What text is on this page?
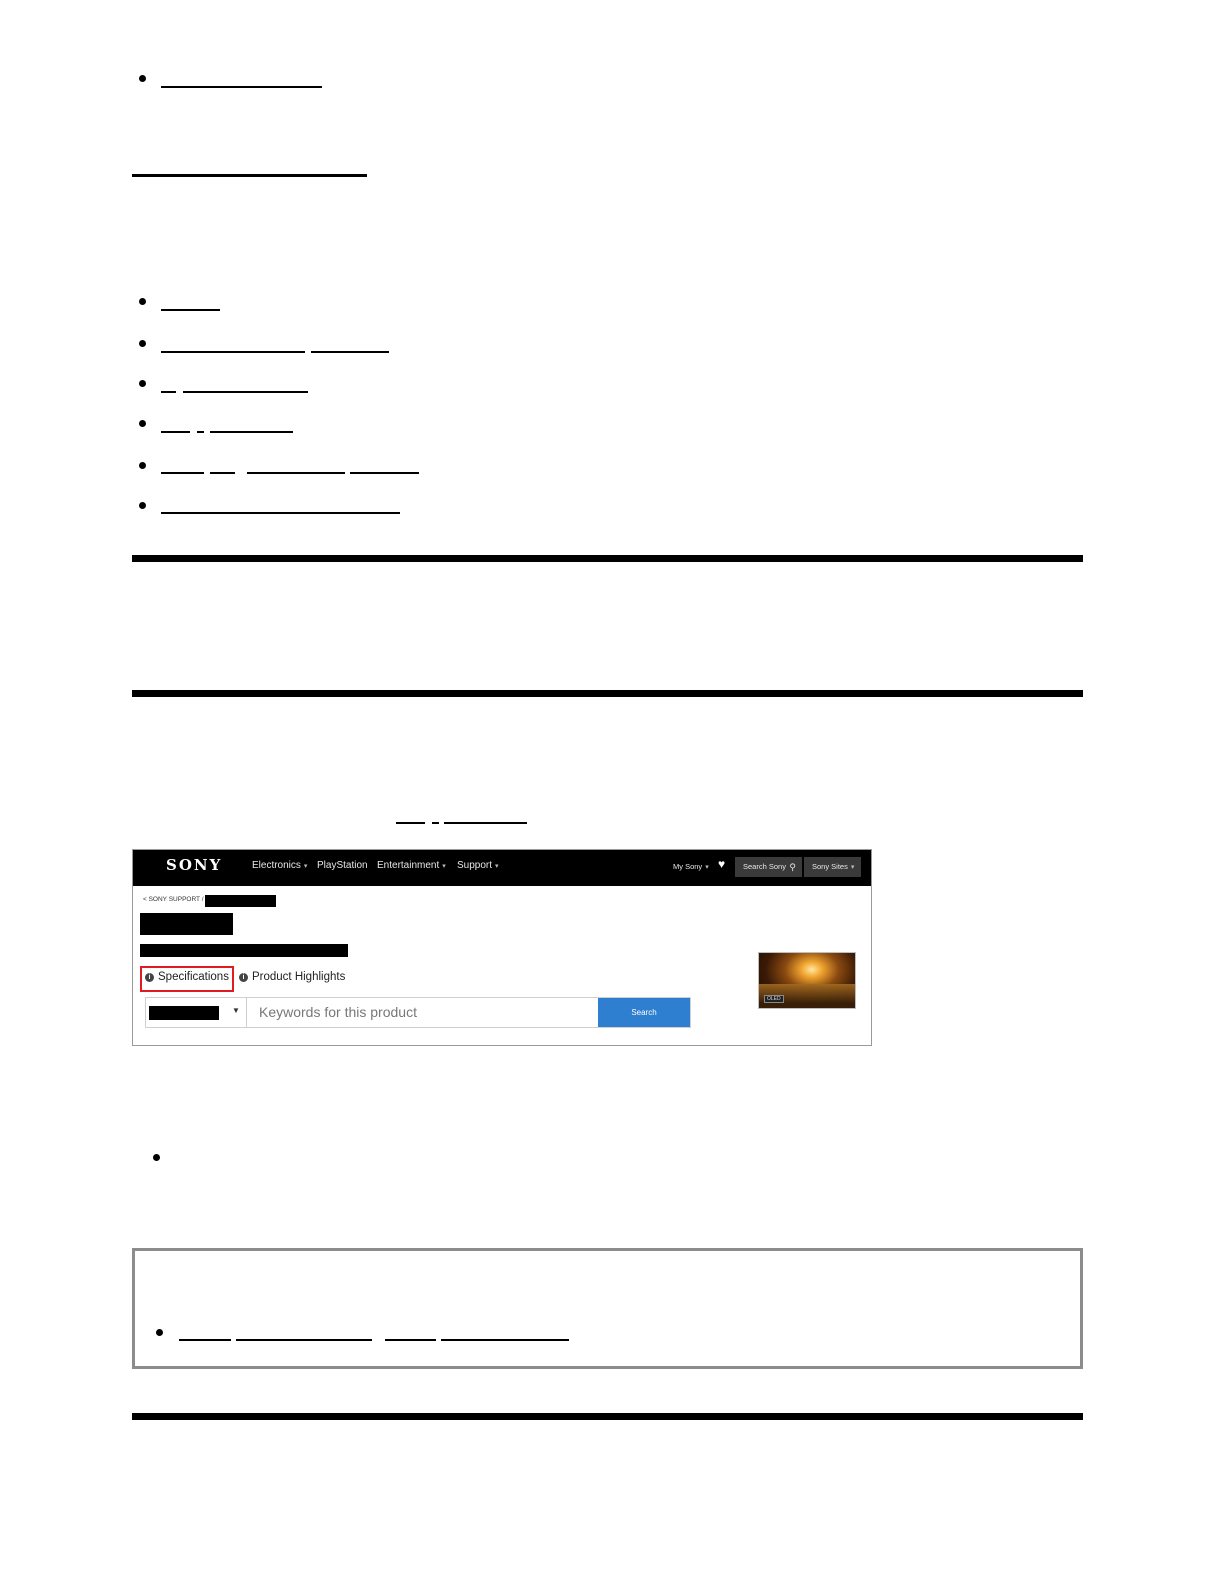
SONY	Electronics ▾ PlayStation Entertainment ▾ Support ▾	My Sony ▾ ♥	Search Sony ⚲	Sony Sites ▾
< SONY SUPPORT /
i Specifications	i Product Highlights
▼ Keywords for this product	Search
OLED
